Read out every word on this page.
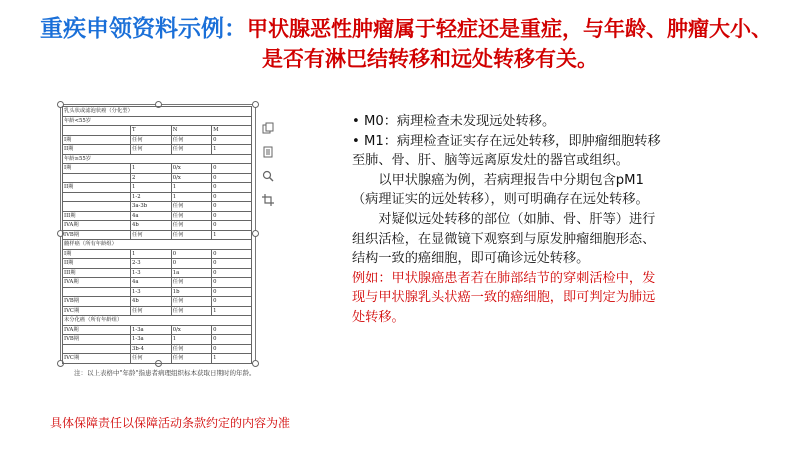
重疾申领资料示例：甲状腺恶性肿瘤属于轻症还是重症，与年龄、肿瘤大小、
是否有淋巴结转移和远处转移有关。
乳头状或滤泡状癌（分化型）			
年龄<55岁			
	T	N	M
I期	任何	任何	0
II期	任何	任何	1
年龄≥55岁			
I期	1	0/x	0
	2	0/x	0
II期	1	1	0
	1-2	1	0
	3a-3b	任何	0
III期	4a	任何	0
IVA期	4b	任何	0
IVB期	任何	任何	1
髓样癌（所有年龄组）			
I期	1	0	0
II期	2-3	0	0
III期	1-3	1a	0
IVA期	4a	任何	0
	1-3	1b	0
IVB期	4b	任何	0
IVC期	任何	任何	1
未分化癌（所有年龄组）			
IVA期	1-3a	0/x	0
IVB期	1-3a	1	0
	3b-4	任何	0
IVC期	任何	任何	1
注：以上表格中"年龄"指患者病理组织标本获取日期时的年龄。

• M0：病理检查未发现远处转移。

• M1：病理检查证实存在远处转移，即肿瘤细胞转移至肺、骨、肝、脑等远离原发灶的器官或组织。

以甲状腺癌为例，若病理报告中分期包含pM1（病理证实的远处转移），则可明确存在远处转移。

对疑似远处转移的部位（如肺、骨、肝等）进行组织活检，在显微镜下观察到与原发肿瘤细胞形态、结构一致的癌细胞，即可确诊远处转移。

例如：甲状腺癌患者若在肺部结节的穿刺活检中，发现与甲状腺乳头状癌一致的癌细胞，即可判定为肺远处转移。

具体保障责任以保障活动条款约定的内容为准
